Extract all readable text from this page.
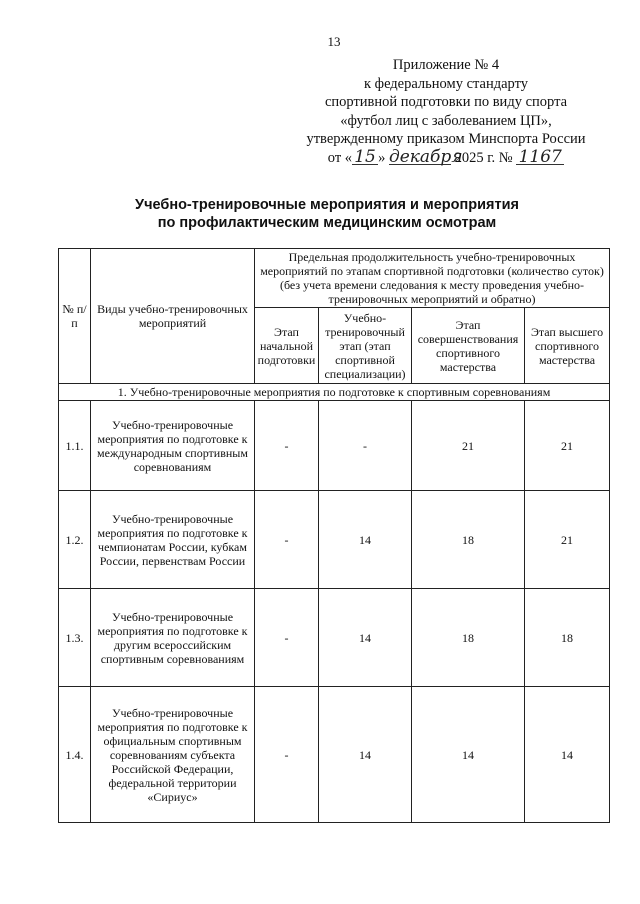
13
Приложение № 4
к федеральному стандарту
спортивной подготовки по виду спорта
«футбол лиц с заболеванием ЦП»,
утвержденному приказом Минспорта России
от « 15 » декабря 2025 г. № 1167
Учебно-тренировочные мероприятия и мероприятия
по профилактическим медицинским осмотрам
№ п/п	Виды учебно-тренировочных мероприятий	Предельная продолжительность учебно-тренировочных мероприятий по этапам спортивной подготовки (количество суток) (без учета времени следования к месту проведения учебно-тренировочных мероприятий и обратно)			
		Этап начальной подготовки	Учебно-тренировочный этап (этап спортивной специализации)	Этап совершенствования спортивного мастерства	Этап высшего спортивного мастерства
1. Учебно-тренировочные мероприятия по подготовке к спортивным соревнованиям					
1.1.	Учебно-тренировочные мероприятия по подготовке к международным спортивным соревнованиям	-	-	21	21
1.2.	Учебно-тренировочные мероприятия по подготовке к чемпионатам России, кубкам России, первенствам России	-	14	18	21
1.3.	Учебно-тренировочные мероприятия по подготовке к другим всероссийским спортивным соревнованиям	-	14	18	18
1.4.	Учебно-тренировочные мероприятия по подготовке к официальным спортивным соревнованиям субъекта Российской Федерации, федеральной территории «Сириус»	-	14	14	14
